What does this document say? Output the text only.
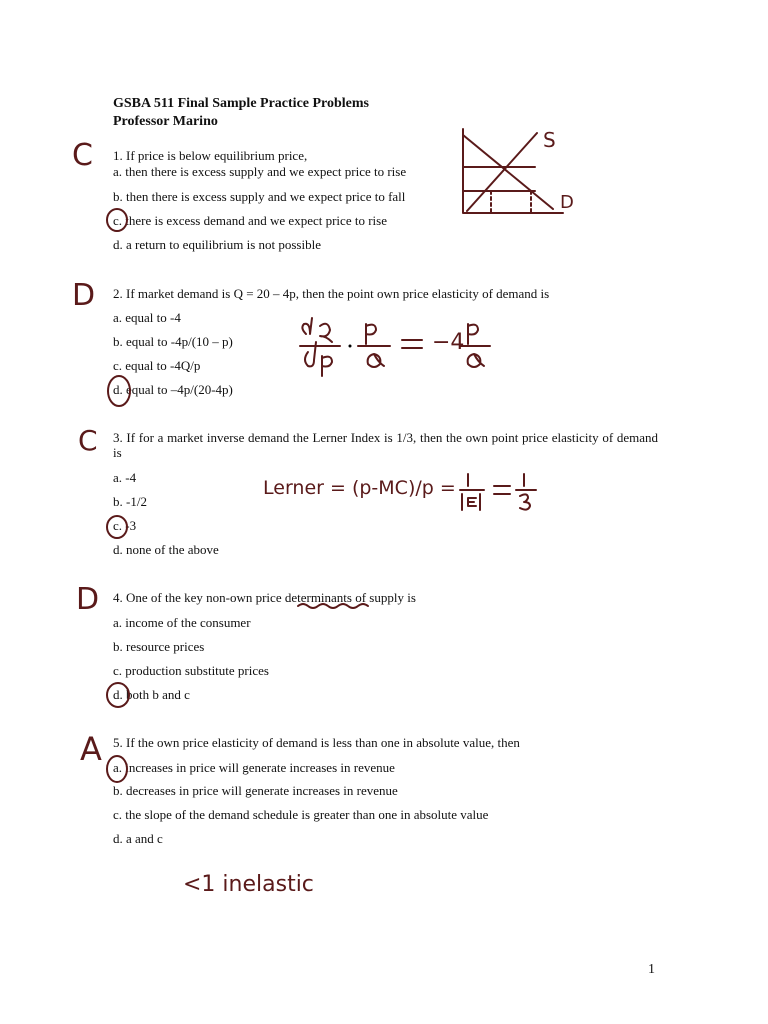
GSBA 511 Final Sample Practice Problems
Professor Marino
C 1. If price is below equilibrium price,
a. then there is excess supply and we expect price to rise
b. then there is excess supply and we expect price to fall
c. there is excess demand and we expect price to rise
d. a return to equilibrium is not possible
S
D
D 2. If market demand is Q = 20 – 4p, then the point own price elasticity of demand is
a. equal to -4
b. equal to -4p/(10 – p)
c. equal to -4Q/p
d. equal to –4p/(20-4p)
−4
C 3. If for a market inverse demand the Lerner Index is 1/3, then the own point price elasticity of demand is
a. -4
b. -1/2
c. -3
d. none of the above
Lerner = (p-MC)/p =
D 4. One of the key non-own price determinants of supply is
a. income of the consumer
b. resource prices
c. production substitute prices
d. both b and c
A 5. If the own price elasticity of demand is less than one in absolute value, then
a. increases in price will generate increases in revenue
b. decreases in price will generate increases in revenue
c. the slope of the demand schedule is greater than one in absolute value
d. a and c
<1 inelastic
1
